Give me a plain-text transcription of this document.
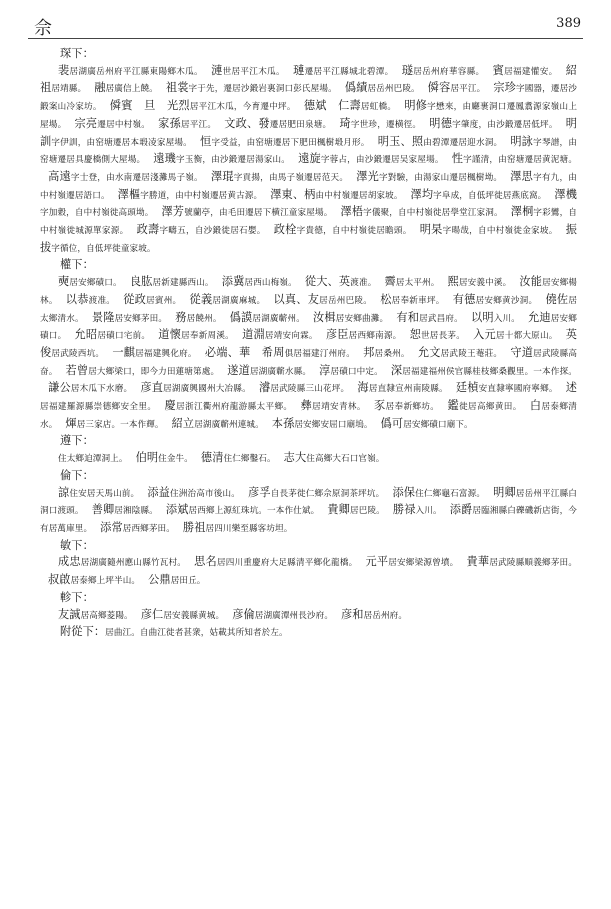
佘	389
琛下：
裴居湖廣岳州府平江縣東陽鄉木瓜。 漣世居平江木瓜。 璉遷居平江縣城北碧潭。 璲居岳州府華容縣。 賓居福建懽安。 紹祖居靖縣。 融居廣信上饒。 祖裳字于先，遷居沙鍛岩裏洞口彭氏屋場。 僞績居岳州巴陵。 僢容居平江。 宗珍字國器，遷居沙鍛案山冷家坊。 僢賓　旦　光烈居平江木瓜，今育遷中坪。 德斌　仁壽居虹橋。 明修字懋來，由廳裹洞口遷鳳翥源家嶺山上屋場。 宗亮遷居中村嶺。 家孫居平江。 文政、發遷居肥田泉塘。 琦字世珍，遷横徑。 明德字肇度，由沙鍛遷居低坪。 明訓字伊訓，由窑塘遷居本塅凌家屋場。 恒字受益，由窑塘遷居下肥田楓樹塅月形。 明玉、照由碧潭遷居迎水洞。 明詠字琴譜，由窑塘遷居具慶橋側大屋場。 遠璣字玉衡，由沙鍛遷居湯家山。 遠旋字蓉占，由沙鍛遷居吴家屋場。 性字謹清，由窑塘遷居黄泥塘。高遠字士登，由水南遷居淺灘馬子嶺。 澤琨字貢揚，由馬子嶺遷居范天。 澤光字對驗，由湯家山遷居楓樹坳。 澤思字有九，由中村嶺遷居語口。 澤樞字勝道，由中村嶺遷居黄古源。 澤東、柄由中村嶺遷居胡家坡。 澤均字阜成，自低坪徙居燕底窩。 澤機字加穀，自中村嶺徙高頭坳。 澤芳號蘭亭，由毛田遷居下横江童家屋場。 澤梧字儀聚，自中村嶺徙居學堂江家洞。 澤桐字彩鸞，自中村嶺徙城源單家源。 政壽字疇五，自沙鍛徙居石嬰。 政栓字貴德，自中村嶺徙居瞻頭。 明杲字暘哉，自中村嶺徙金家坡。 振拔字循位，自低坪徙童家坡。
權下：
奭居安鄉磧口。 良肱居新建縣西山。 添冀居西山梅嶺。 從大、英渡准。 霽居太平州。 熙居安義中溪。 汝能居安鄉楊林。 以恭渡准。 從政居賓州。 從義居湖廣麻城。 以真、友居岳州巴陵。 松居奉新車坪。 有德居安鄉黄沙洞。 僥佐居太鄉清水。 景隆居安鄉茅田。 務居饒州。 僞謨居湖廣蘄州。 汝楫居安鄉曲灘。 有和居武昌府。 以明入川。 允迪居安鄉磧口。 允昭居磧口宅前。 道懷居奉新周溪。 道淵居靖安向霖。 彦臣居西鄉南源。 恕世居長茅。 入元居十都大原山。 英俊居武陵西坑。 一麒居福建興化府。 必端、華　希周俱居福建汀州府。 邦居桑州。 允文居武陵王菴莊。 守道居武陵縣高奋。 若曾居大鄉梁口，即今力田蓮塘第處。 遂道居湖廣蘄水縣。 淳居磧口中定。 深居福建福州侯官縣桂枝鄉桑觀里。一本作探。謙公居木瓜下水磨。 彦直居湖廣興國州大冶縣。 濬居武陵縣三山花坪。 海居直隸宣州南陵縣。 廷楨安直隸寧國府寧鄉。 述居福建羅源縣崇德鄉安全里。 慶居浙江衢州府龍游縣太平鄉。 彝居靖安青林。 豕居奉新鄉坊。 鑑徙居高鄉黄田。 白居泰鄉清水。 煇居三家店。一本作輝。 紹立居湖廣蘄州連城。 本孫居安鄉安屈口廟塢。 僞可居安鄉磧口廟下。
遵下：
住太鄉迫潭洞上。 伯明住金牛。 德清住仁鄉鑿石。 志大住高鄉大石口官嶺。
倫下：
諒住安居天馬山前。 添益住洲治高市後山。 彦孚自長茅徙仁鄉佘原洞茶坪坑。 添保住仁鄉龜石富源。 明卿居岳州平江縣白洞口渡頭。 善卿居湘陰縣。 添斌居西鄉上源紅珠坑。一本作仕斌。 貴卿居巴陵。 勝禄入川。 添爵居臨湘縣白礫磯新店街，今有居萬庫里。 添常居西鄉茅田。 勝祖居四川樂至縣客坊坦。
敏下：
成忠居湖廣隨州應山縣竹瓦村。 思名居四川重慶府大足縣清平鄉化龍橋。 元平居安鄉梁源曾墳。 貴華居武陵縣順義鄉茅田。叔啟居泰鄉上坪半山。 公鼎居田丘。
軫下：
友誠居高鄉菱陽。 彦仁居安義縣黄城。 彦倫居湖廣潭州長沙府。 彦和居岳州府。
附從下：居曲江。自曲江徙者甚衆，姑載其所知者於左。
